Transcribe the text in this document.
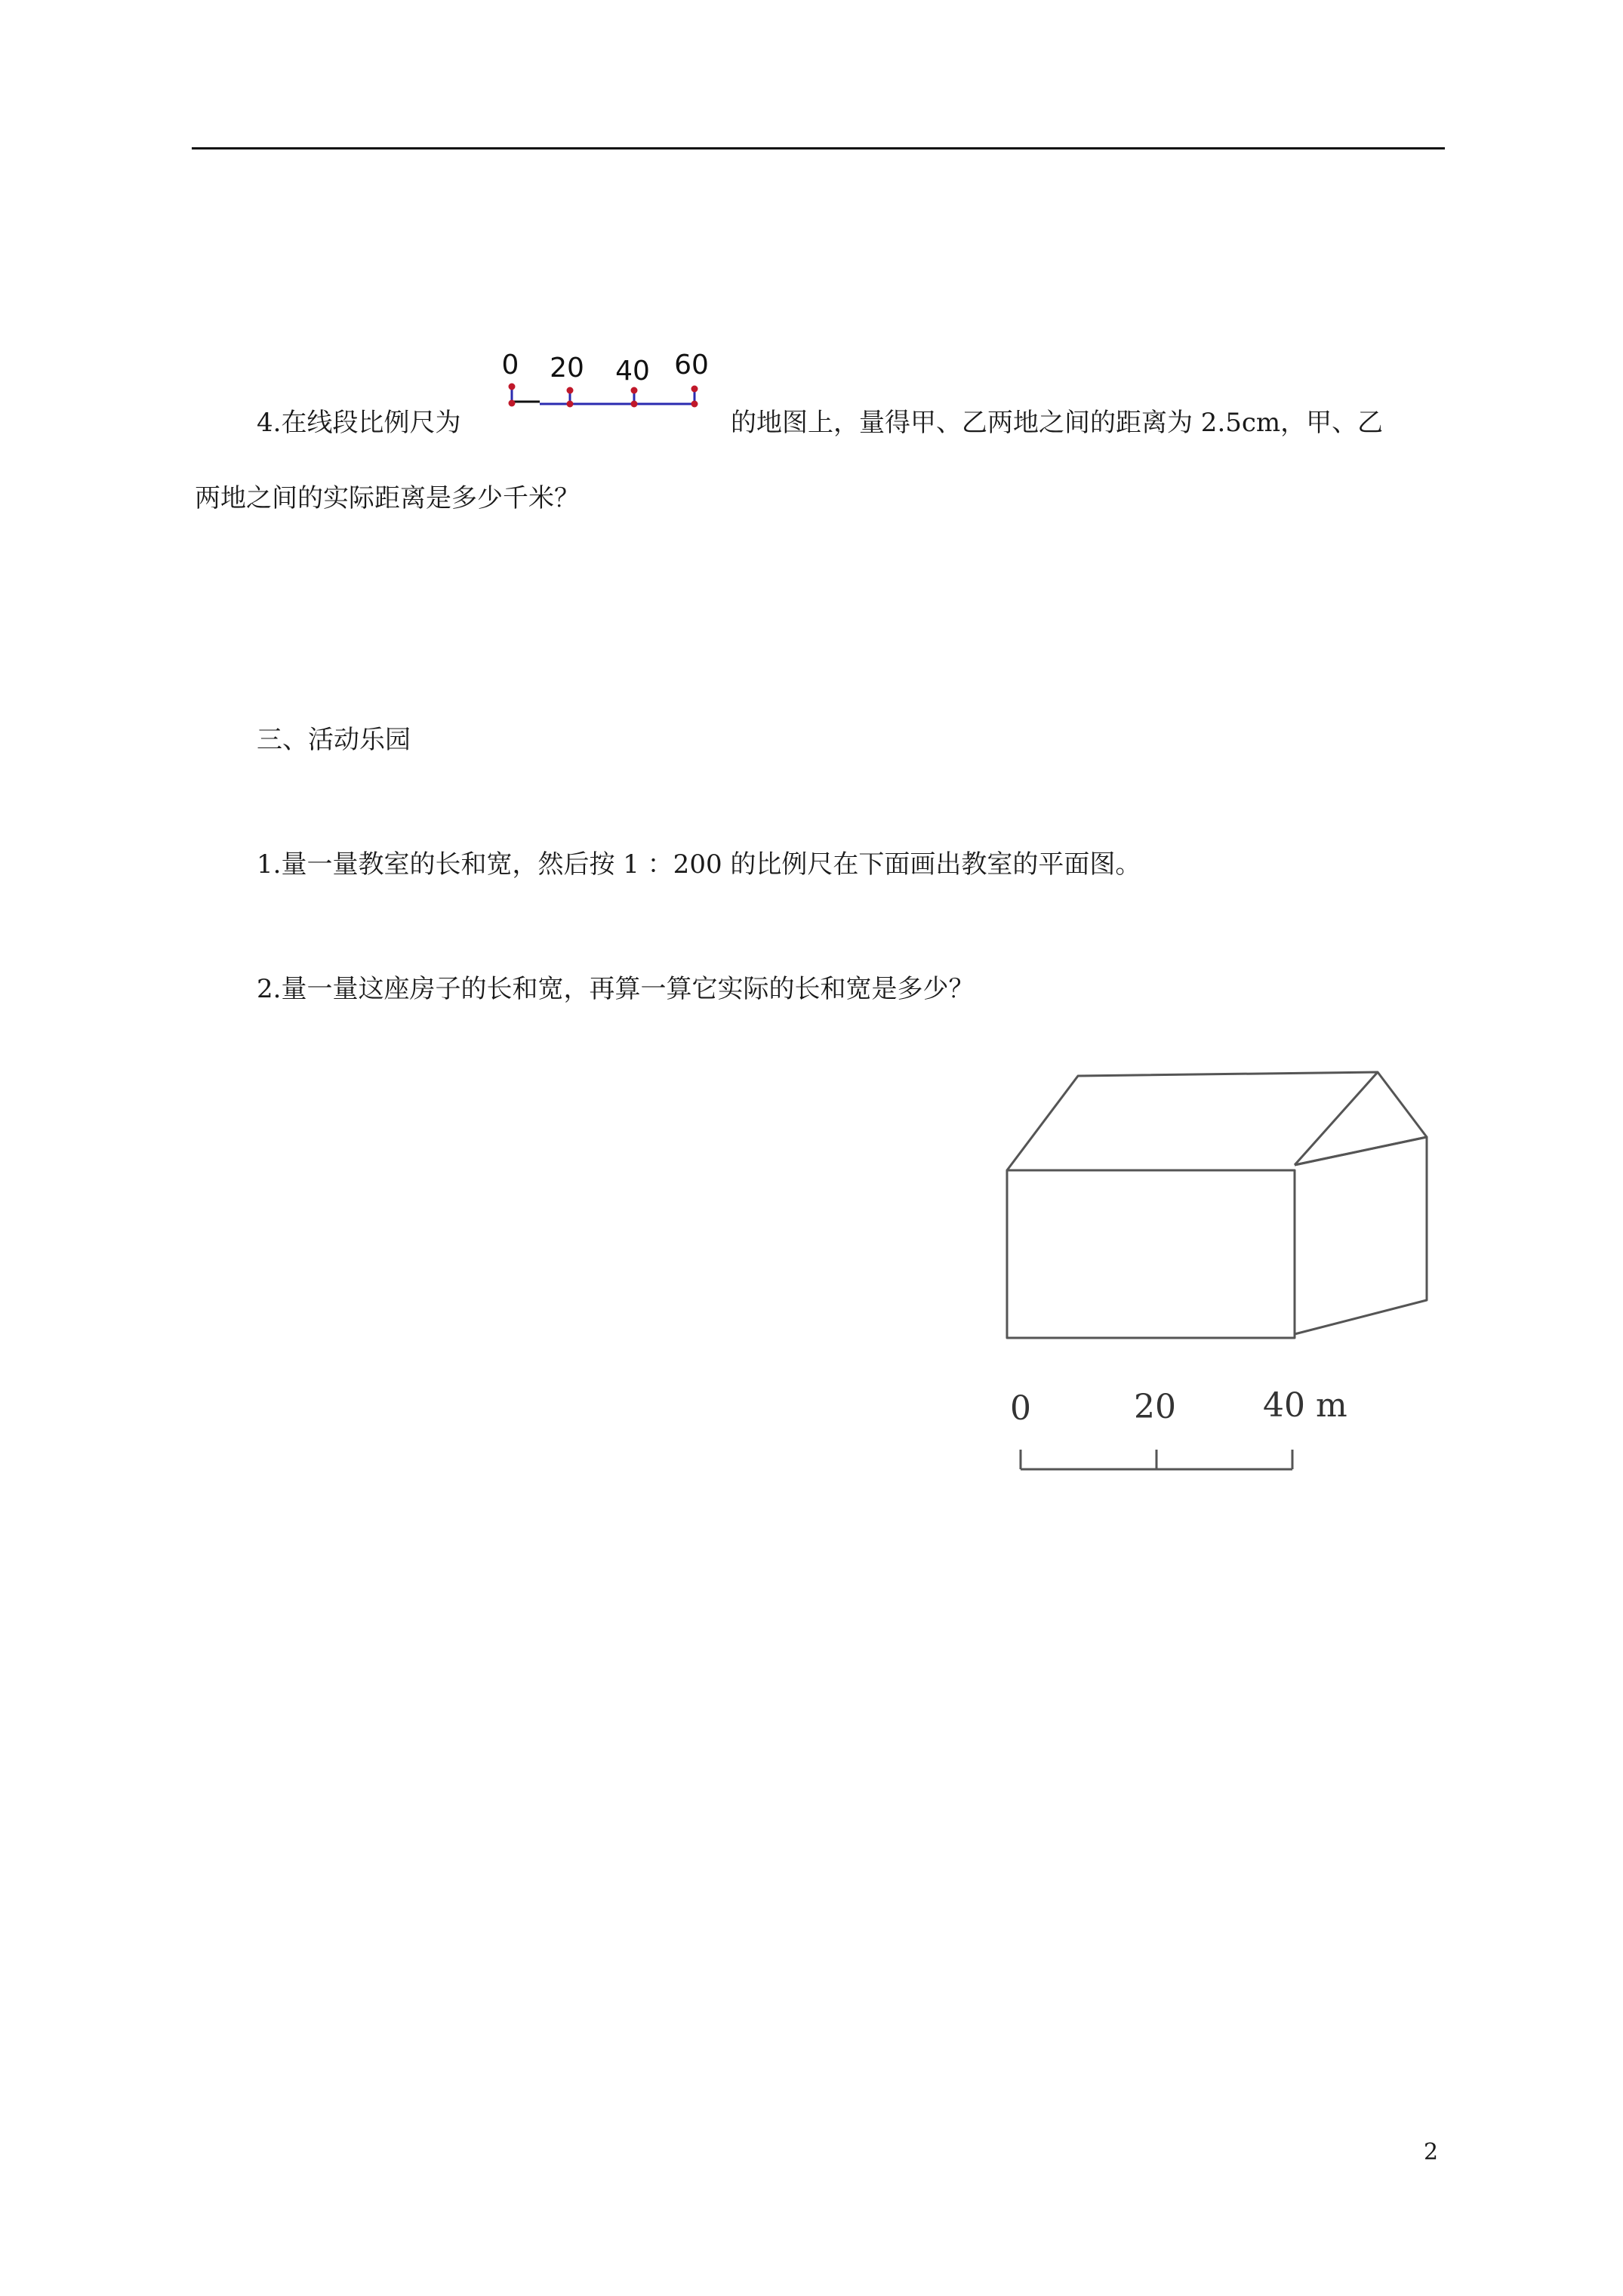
4.在线段比例尺为
0 20 40 60
的地图上，量得甲、乙两地之间的距离为 2.5cm，甲、乙
两地之间的实际距离是多少千米？
三、活动乐园
1.量一量教室的长和宽，然后按 1 ：200 的比例尺在下面画出教室的平面图。
2.量一量这座房子的长和宽，再算一算它实际的长和宽是多少？
0	20	40 m
2
